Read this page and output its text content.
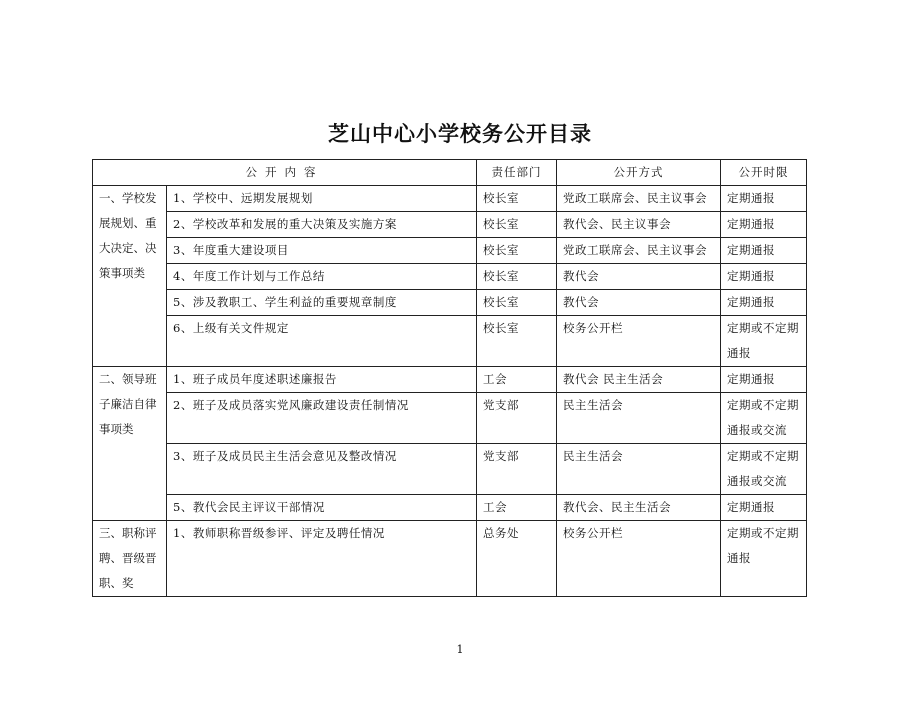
芝山中心小学校务公开目录
公开内容		责任部门	公开方式	公开时限
一、学校发展规划、重大决定、决策事项类	1、学校中、远期发展规划	校长室	党政工联席会、民主议事会	定期通报
	2、学校改革和发展的重大决策及实施方案	校长室	教代会、民主议事会	定期通报
	3、年度重大建设项目	校长室	党政工联席会、民主议事会	定期通报
	4、年度工作计划与工作总结	校长室	教代会	定期通报
	5、涉及教职工、学生利益的重要规章制度	校长室	教代会	定期通报
	6、上级有关文件规定	校长室	校务公开栏	定期或不定期通报
二、领导班子廉洁自律事项类	1、班子成员年度述职述廉报告	工会	教代会 民主生活会	定期通报
	2、班子及成员落实党风廉政建设责任制情况	党支部	民主生活会	定期或不定期通报或交流
	3、班子及成员民主生活会意见及整改情况	党支部	民主生活会	定期或不定期通报或交流
	5、教代会民主评议干部情况	工会	教代会、民主生活会	定期通报
三、职称评聘、晋级晋职、奖	1、教师职称晋级参评、评定及聘任情况	总务处	校务公开栏	定期或不定期通报
1
